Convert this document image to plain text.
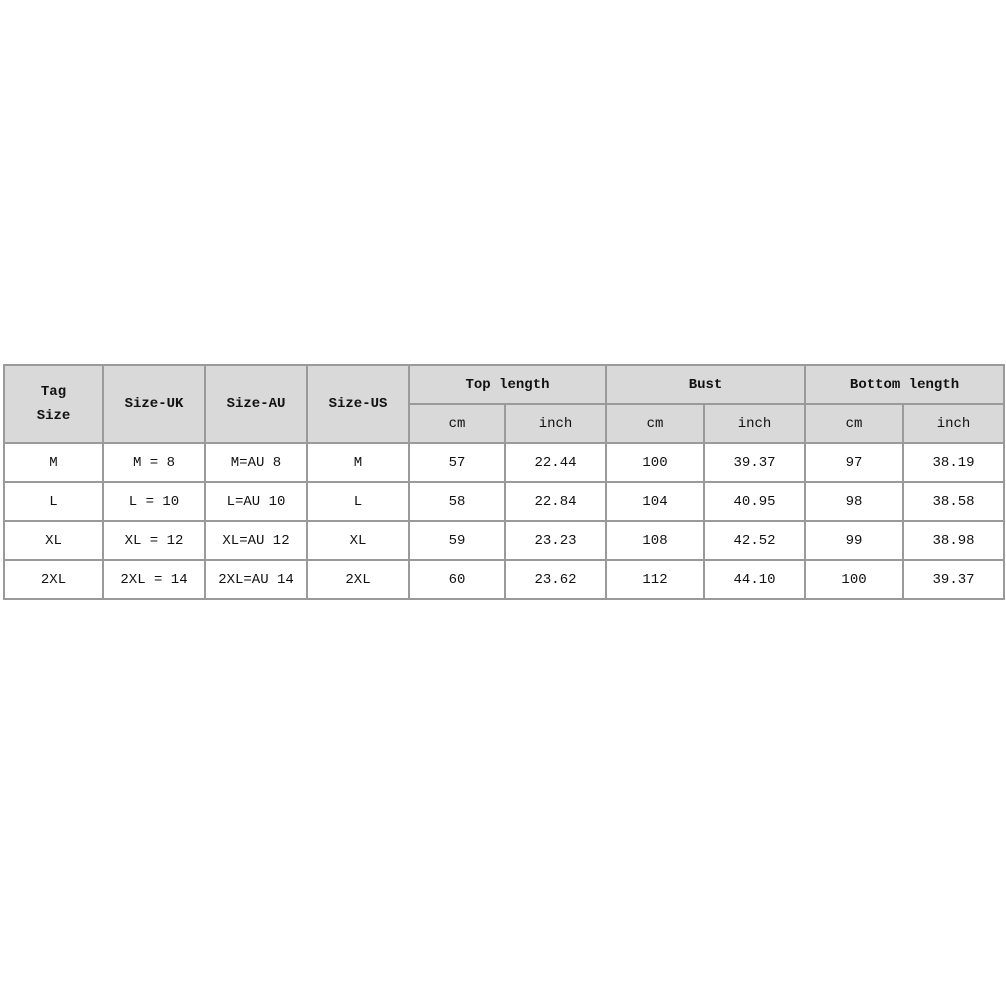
Tag
Size	Size-UK	Size-AU	Size-US	Top length		Bust		Bottom length	
				cm	inch	cm	inch	cm	inch
M	M = 8	M=AU 8	M	57	22.44	100	39.37	97	38.19
L	L = 10	L=AU 10	L	58	22.84	104	40.95	98	38.58
XL	XL = 12	XL=AU 12	XL	59	23.23	108	42.52	99	38.98
2XL	2XL = 14	2XL=AU 14	2XL	60	23.62	112	44.10	100	39.37
